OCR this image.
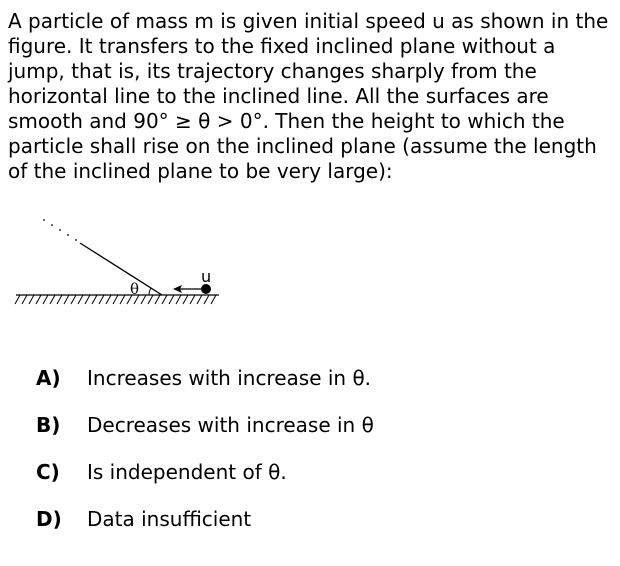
A particle of mass m is given initial speed u as shown in the figure. It transfers to the fixed inclined plane without a jump, that is, its trajectory changes sharply from the horizontal line to the inclined line. All the surfaces are smooth and 90° ≥ θ > 0°. Then the height to which the particle shall rise on the inclined plane (assume the length of the inclined plane to be very large):

θ
u
A) Increases with increase in θ.
B) Decreases with increase in θ
C) Is independent of θ.
D) Data insufficient
